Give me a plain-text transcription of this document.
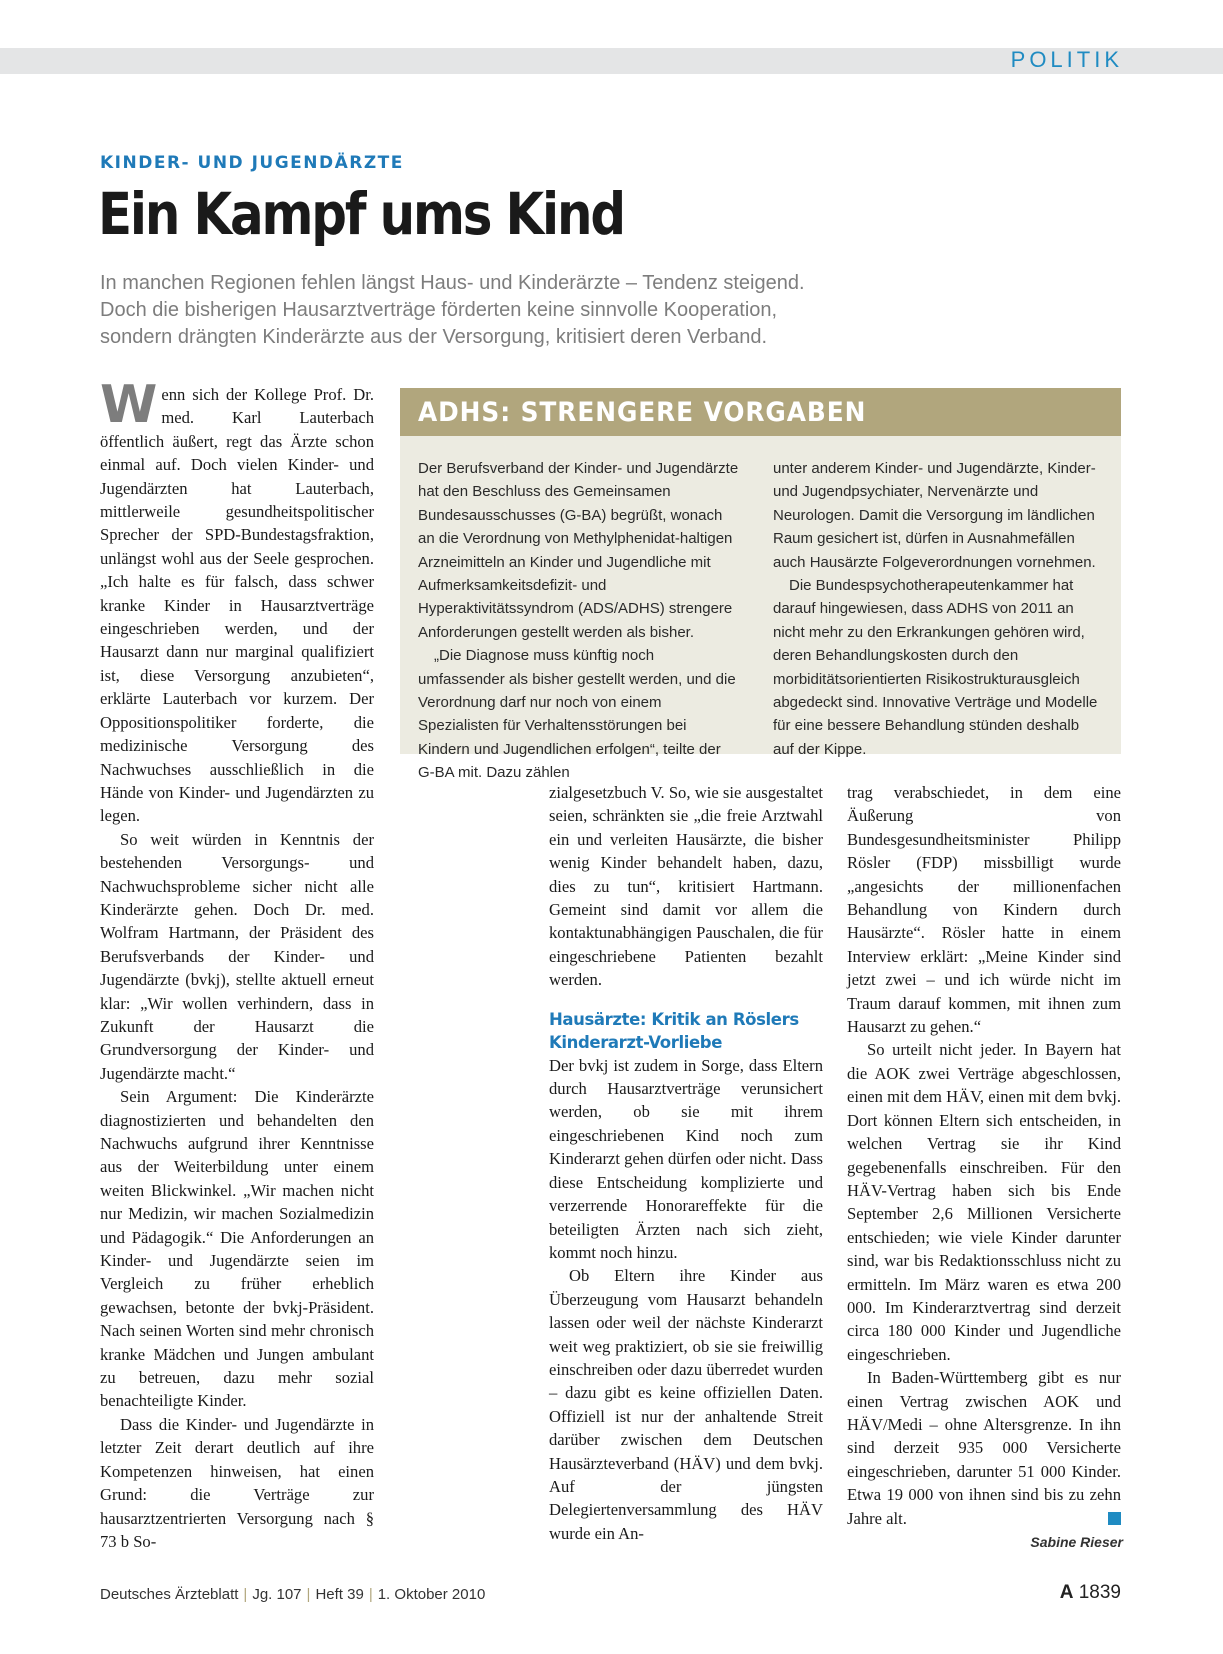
POLITIK
KINDER- UND JUGENDÄRZTE
Ein Kampf ums Kind
In manchen Regionen fehlen längst Haus- und Kinderärzte – Tendenz steigend.
Doch die bisherigen Hausarztverträge förderten keine sinnvolle Kooperation,
sondern drängten Kinderärzte aus der Versorgung, kritisiert deren Verband.

Wenn sich der Kollege Prof. Dr. med. Karl Lauterbach öffentlich äußert, regt das Ärzte schon einmal auf. Doch vielen Kinder- und Jugendärzten hat Lauterbach, mittlerweile gesundheitspolitischer Sprecher der SPD-Bundestagsfraktion, unlängst wohl aus der Seele gesprochen. „Ich halte es für falsch, dass schwer kranke Kinder in Hausarztverträge eingeschrieben werden, und der Hausarzt dann nur marginal qualifiziert ist, diese Versorgung anzubieten“, erklärte Lauterbach vor kurzem. Der Oppositionspolitiker forderte, die medizinische Versorgung des Nachwuchses ausschließlich in die Hände von Kinder- und Jugendärzten zu legen.

So weit würden in Kenntnis der bestehenden Versorgungs- und Nachwuchsprobleme sicher nicht alle Kinderärzte gehen. Doch Dr. med. Wolfram Hartmann, der Präsident des Berufsverbands der Kinder- und Jugendärzte (bvkj), stellte aktuell erneut klar: „Wir wollen verhindern, dass in Zukunft der Hausarzt die Grundversorgung der Kinder- und Jugendärzte macht.“

Sein Argument: Die Kinderärzte diagnostizierten und behandelten den Nachwuchs aufgrund ihrer Kenntnisse aus der Weiterbildung unter einem weiten Blickwinkel. „Wir machen nicht nur Medizin, wir machen Sozialmedizin und Pädagogik.“ Die Anforderungen an Kinder- und Jugendärzte seien im Vergleich zu früher erheblich gewachsen, betonte der bvkj-Präsident. Nach seinen Worten sind mehr chronisch kranke Mädchen und Jungen ambulant zu betreuen, dazu mehr sozial benachteiligte Kinder.

Dass die Kinder- und Jugendärzte in letzter Zeit derart deutlich auf ihre Kompetenzen hinweisen, hat einen Grund: die Verträge zur hausarztzentrierten Versorgung nach § 73 b So-

ADHS: STRENGERE VORGABEN

Der Berufsverband der Kinder- und Jugendärzte hat den Beschluss des Gemeinsamen Bundesausschusses (G-BA) begrüßt, wonach an die Verordnung von Methylphenidat-haltigen Arzneimitteln an Kinder und Jugendliche mit Aufmerksamkeitsdefizit- und Hyperaktivitätssyndrom (ADS/ADHS) strengere Anforderungen gestellt werden als bisher.

„Die Diagnose muss künftig noch umfassender als bisher gestellt werden, und die Verordnung darf nur noch von einem Spezialisten für Verhaltensstörungen bei Kindern und Jugendlichen erfolgen“, teilte der G-BA mit. Dazu zählen

unter anderem Kinder- und Jugendärzte, Kinder- und Jugendpsychiater, Nervenärzte und Neurologen. Damit die Versorgung im ländlichen Raum gesichert ist, dürfen in Ausnahmefällen auch Hausärzte Folgeverordnungen vornehmen.

Die Bundespsychotherapeutenkammer hat darauf hingewiesen, dass ADHS von 2011 an nicht mehr zu den Erkrankungen gehören wird, deren Behandlungskosten durch den morbiditätsorientierten Risikostrukturausgleich abgedeckt sind. Innovative Verträge und Modelle für eine bessere Behandlung stünden deshalb auf der Kippe.

zialgesetzbuch V. So, wie sie ausgestaltet seien, schränkten sie „die freie Arztwahl ein und verleiten Hausärzte, die bisher wenig Kinder behandelt haben, dazu, dies zu tun“, kritisiert Hartmann. Gemeint sind damit vor allem die kontaktunabhängigen Pauschalen, die für eingeschriebene Patienten bezahlt werden.

Hausärzte: Kritik an Röslers
Kinderarzt-Vorliebe

Der bvkj ist zudem in Sorge, dass Eltern durch Hausarztverträge verunsichert werden, ob sie mit ihrem eingeschriebenen Kind noch zum Kinderarzt gehen dürfen oder nicht. Dass diese Entscheidung komplizierte und verzerrende Honorareffekte für die beteiligten Ärzten nach sich zieht, kommt noch hinzu.

Ob Eltern ihre Kinder aus Überzeugung vom Hausarzt behandeln lassen oder weil der nächste Kinderarzt weit weg praktiziert, ob sie sie freiwillig einschreiben oder dazu überredet wurden – dazu gibt es keine offiziellen Daten. Offiziell ist nur der anhaltende Streit darüber zwischen dem Deutschen Hausärzteverband (HÄV) und dem bvkj. Auf der jüngsten Delegiertenversammlung des HÄV wurde ein An-

trag verabschiedet, in dem eine Äußerung von Bundesgesundheitsminister Philipp Rösler (FDP) missbilligt wurde „angesichts der millionenfachen Behandlung von Kindern durch Hausärzte“. Rösler hatte in einem Interview erklärt: „Meine Kinder sind jetzt zwei – und ich würde nicht im Traum darauf kommen, mit ihnen zum Hausarzt zu gehen.“

So urteilt nicht jeder. In Bayern hat die AOK zwei Verträge abgeschlossen, einen mit dem HÄV, einen mit dem bvkj. Dort können Eltern sich entscheiden, in welchen Vertrag sie ihr Kind gegebenenfalls einschreiben. Für den HÄV-Vertrag haben sich bis Ende September 2,6 Millionen Versicherte entschieden; wie viele Kinder darunter sind, war bis Redaktionsschluss nicht zu ermitteln. Im März waren es etwa 200 000. Im Kinderarztvertrag sind derzeit circa 180 000 Kinder und Jugendliche eingeschrieben.

In Baden-Württemberg gibt es nur einen Vertrag zwischen AOK und HÄV/Medi – ohne Altersgrenze. In ihn sind derzeit 935 000 Versicherte eingeschrieben, darunter 51 000 Kinder. Etwa 19 000 von ihnen sind bis zu zehn Jahre alt.

Sabine Rieser
Deutsches Ärzteblatt | Jg. 107 | Heft 39 | 1. Oktober 2010	A 1839
